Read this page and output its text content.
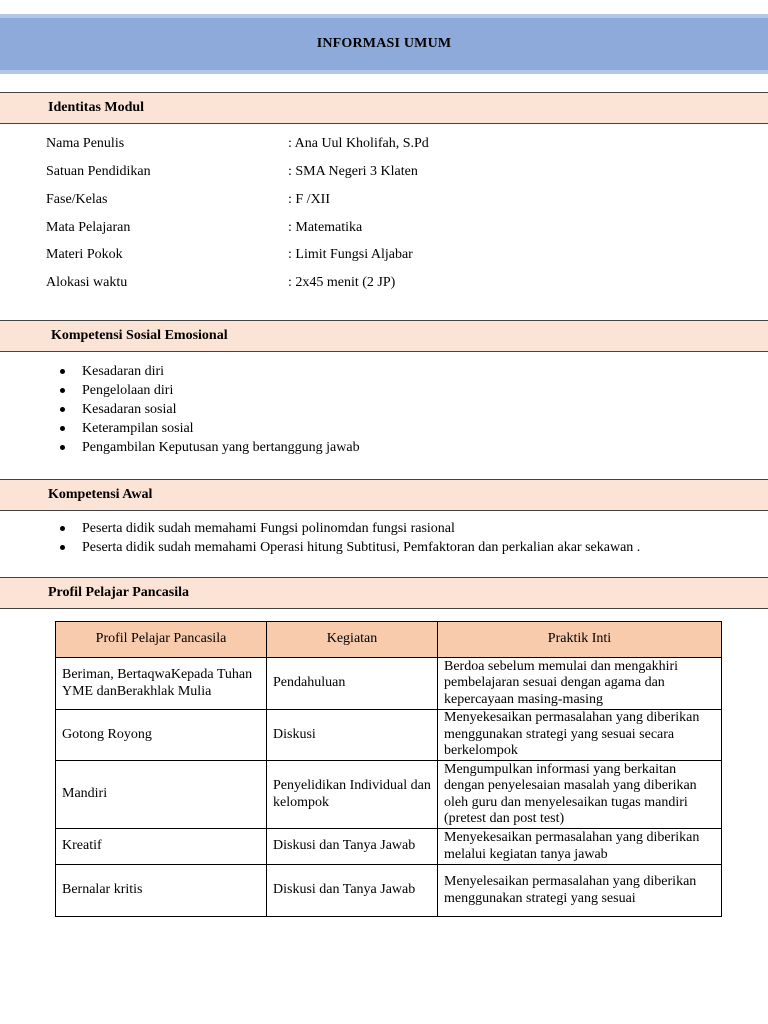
INFORMASI UMUM
Identitas Modul
Nama Penulis	: Ana Uul Kholifah, S.Pd
Satuan Pendidikan	: SMA Negeri 3 Klaten
Fase/Kelas	: F /XII
Mata Pelajaran	: Matematika
Materi Pokok	: Limit Fungsi Aljabar
Alokasi waktu	: 2x45 menit (2 JP)
Kompetensi Sosial Emosional
Kesadaran diri
Pengelolaan diri
Kesadaran sosial
Keterampilan sosial
Pengambilan Keputusan yang bertanggung jawab
Kompetensi Awal
Peserta didik sudah memahami Fungsi polinomdan fungsi rasional
Peserta didik sudah memahami Operasi hitung Subtitusi, Pemfaktoran dan perkalian akar sekawan .
Profil Pelajar Pancasila
Profil Pelajar Pancasila	Kegiatan	Praktik Inti
Beriman, BertaqwaKepada Tuhan YME danBerakhlak Mulia	Pendahuluan	Berdoa sebelum memulai dan mengakhiri pembelajaran sesuai dengan agama dan kepercayaan masing-masing
Gotong Royong	Diskusi	Menyekesaikan permasalahan yang diberikan menggunakan strategi yang sesuai secara berkelompok
Mandiri	Penyelidikan Individual dan kelompok	Mengumpulkan informasi yang berkaitan dengan penyelesaian masalah yang diberikan oleh guru dan menyelesaikan tugas mandiri (pretest dan post test)
Kreatif	Diskusi dan Tanya Jawab	Menyekesaikan permasalahan yang diberikan melalui kegiatan tanya jawab
Bernalar kritis	Diskusi dan Tanya Jawab	Menyelesaikan permasalahan yang diberikan menggunakan strategi yang sesuai
